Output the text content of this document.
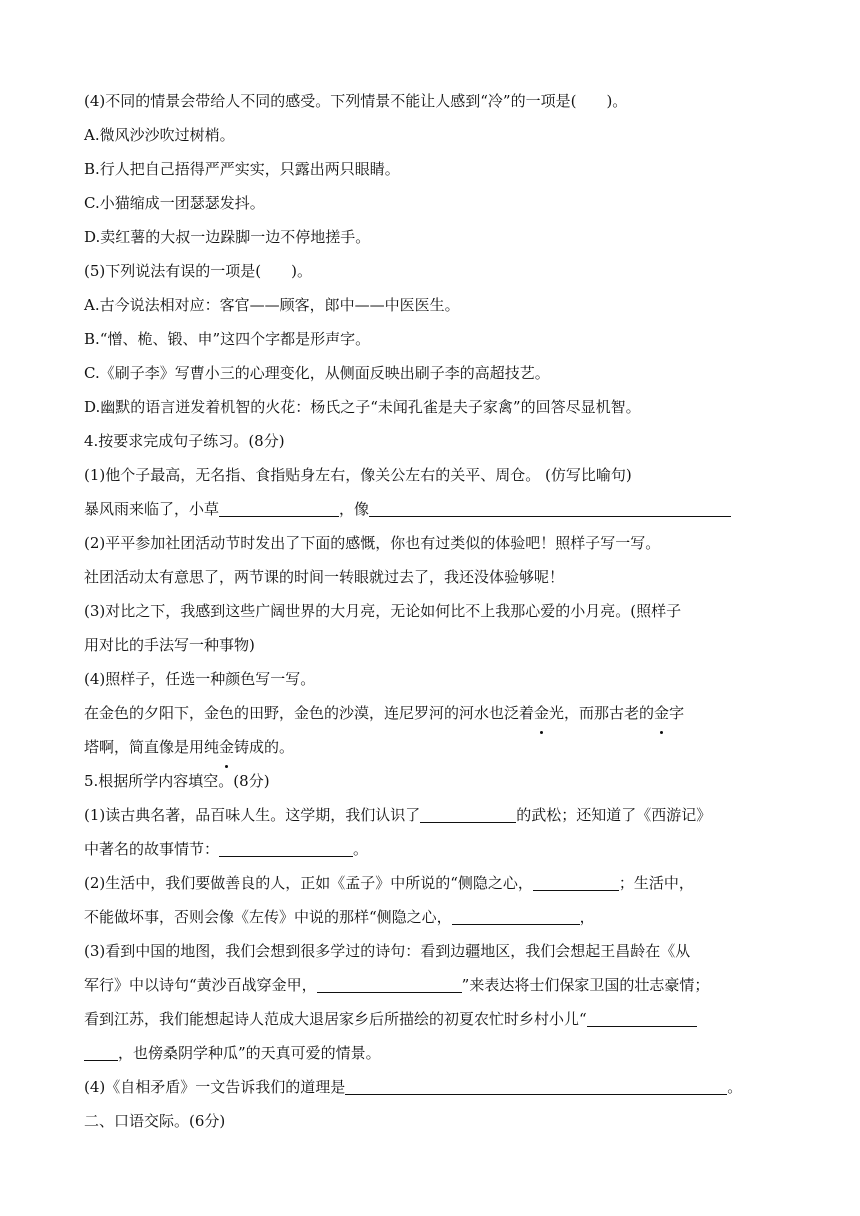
(4)不同的情景会带给人不同的感受。下列情景不能让人感到“冷”的一项是(　　)。
A.微风沙沙吹过树梢。
B.行人把自己捂得严严实实，只露出两只眼睛。
C.小猫缩成一团瑟瑟发抖。
D.卖红薯的大叔一边跺脚一边不停地搓手。
(5)下列说法有误的一项是(　　)。
A.古今说法相对应：客官——顾客，郎中——中医医生。
B.“憎、桅、锻、申”这四个字都是形声字。
C.《刷子李》写曹小三的心理变化，从侧面反映出刷子李的高超技艺。
D.幽默的语言迸发着机智的火花：杨氏之子“未闻孔雀是夫子家禽”的回答尽显机智。
4.按要求完成句子练习。(8分)
(1)他个子最高，无名指、食指贴身左右，像关公左右的关平、周仓。 (仿写比喻句)
暴风雨来临了，小草	，像
(2)平平参加社团活动节时发出了下面的感慨，你也有过类似的体验吧！照样子写一写。
社团活动太有意思了，两节课的时间一转眼就过去了，我还没体验够呢！
(3)对比之下，我感到这些广阔世界的大月亮，无论如何比不上我那心爱的小月亮。(照样子
用对比的手法写一种事物)
(4)照样子，任选一种颜色写一写。
在金色的夕阳下，金色的田野，金色的沙漠，连尼罗河的河水也泛着金光，而那古老的金字
塔啊，简直像是用纯金铸成的。
5.根据所学内容填空。(8分)
(1)读古典名著，品百味人生。这学期，我们认识了	的武松；还知道了《西游记》
中著名的故事情节：	。
(2)生活中，我们要做善良的人，正如《孟子》中所说的“侧隐之心，	；生活中，
不能做坏事，否则会像《左传》中说的那样“侧隐之心，	，
(3)看到中国的地图，我们会想到很多学过的诗句：看到边疆地区，我们会想起王昌龄在《从
军行》中以诗句“黄沙百战穿金甲，	”来表达将士们保家卫国的壮志豪情；
看到江苏，我们能想起诗人范成大退居家乡后所描绘的初夏农忙时乡村小儿“
，也傍桑阴学种瓜”的天真可爱的情景。
(4)《自相矛盾》一文告诉我们的道理是	。
二、口语交际。(6分)
